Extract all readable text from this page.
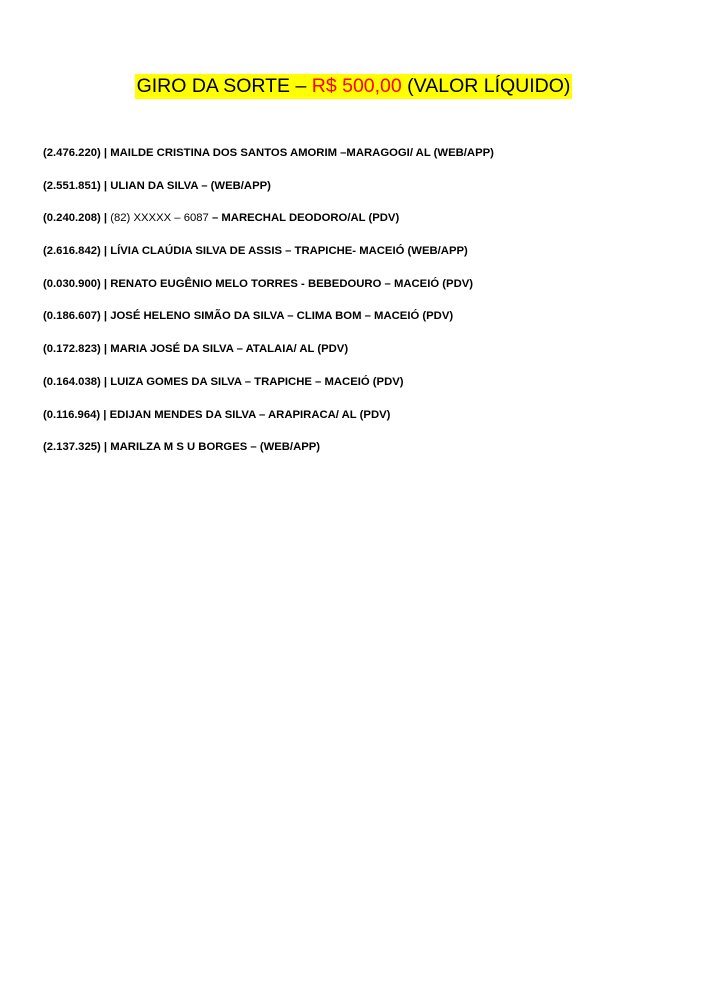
GIRO DA SORTE – R$ 500,00 (VALOR LÍQUIDO)
(2.476.220) | MAILDE CRISTINA DOS SANTOS AMORIM –MARAGOGI/ AL (WEB/APP)
(2.551.851) | ULIAN DA SILVA – (WEB/APP)
(0.240.208) | (82) XXXXX – 6087 – MARECHAL DEODORO/AL (PDV)
(2.616.842) | LÍVIA CLAÚDIA SILVA DE ASSIS – TRAPICHE- MACEIÓ (WEB/APP)
(0.030.900) | RENATO EUGÊNIO MELO TORRES - BEBEDOURO – MACEIÓ (PDV)
(0.186.607) | JOSÉ HELENO SIMÃO DA SILVA – CLIMA BOM – MACEIÓ (PDV)
(0.172.823) | MARIA JOSÉ DA SILVA – ATALAIA/ AL (PDV)
(0.164.038) | LUIZA GOMES DA SILVA – TRAPICHE – MACEIÓ (PDV)
(0.116.964) | EDIJAN MENDES DA SILVA – ARAPIRACA/ AL (PDV)
(2.137.325) | MARILZA M S U BORGES – (WEB/APP)
